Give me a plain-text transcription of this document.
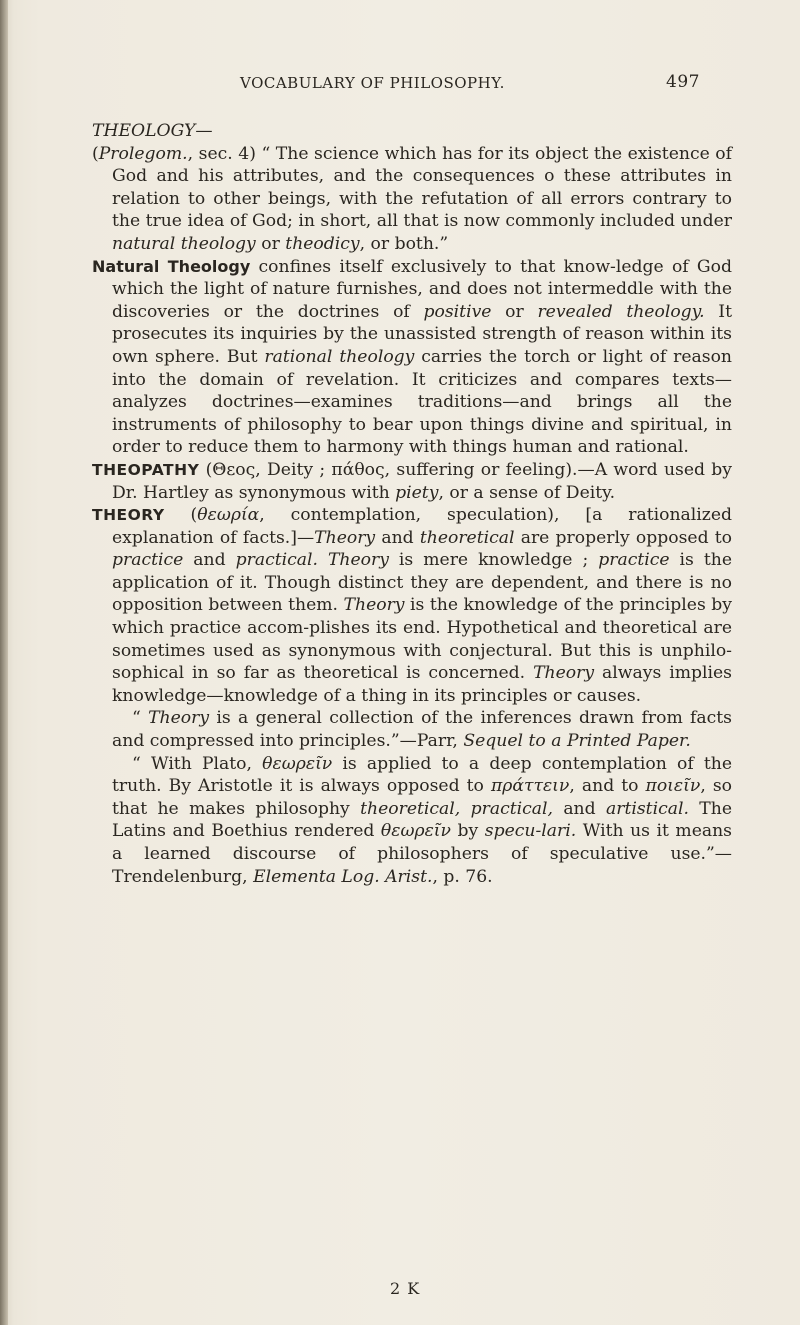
VOCABULARY OF PHILOSOPHY.	497

THEOLOGY—

(Prolegom., sec. 4) “ The science which has for its object the existence of God and his attributes, and the consequences o these attributes in relation to other beings, with the refutation of all errors contrary to the true idea of God; in short, all that is now commonly included under natural theology or theodicy, or both.”

Natural Theology confines itself exclusively to that know-ledge of God which the light of nature furnishes, and does not intermeddle with the discoveries or the doctrines of positive or revealed theology. It prosecutes its inquiries by the unassisted strength of reason within its own sphere. But rational theology carries the torch or light of reason into the domain of revelation. It criticizes and compares texts—analyzes doctrines—examines traditions—and brings all the instruments of philosophy to bear upon things divine and spiritual, in order to reduce them to harmony with things human and rational.

THEOPATHY (Θεος, Deity ; πάθος, suffering or feeling).—A word used by Dr. Hartley as synonymous with piety, or a sense of Deity.

THEORY (θεωρία, contemplation, speculation), [a rationalized explanation of facts.]—Theory and theoretical are properly opposed to practice and practical. Theory is mere knowledge ; practice is the application of it. Though distinct they are dependent, and there is no opposition between them. Theory is the knowledge of the principles by which practice accom-plishes its end. Hypothetical and theoretical are sometimes used as synonymous with conjectural. But this is unphilo-sophical in so far as theoretical is concerned. Theory always implies knowledge—knowledge of a thing in its principles or causes.

“ Theory is a general collection of the inferences drawn from facts and compressed into principles.”—Parr, Sequel to a Printed Paper.

“ With Plato, θεωρεῖν is applied to a deep contemplation of the truth. By Aristotle it is always opposed to πράττειν, and to ποιεῖν, so that he makes philosophy theoretical, practical, and artistical. The Latins and Boethius rendered θεωρεῖν by specu-lari. With us it means a learned discourse of philosophers of speculative use.”—Trendelenburg, Elementa Log. Arist., p. 76.

2 K
